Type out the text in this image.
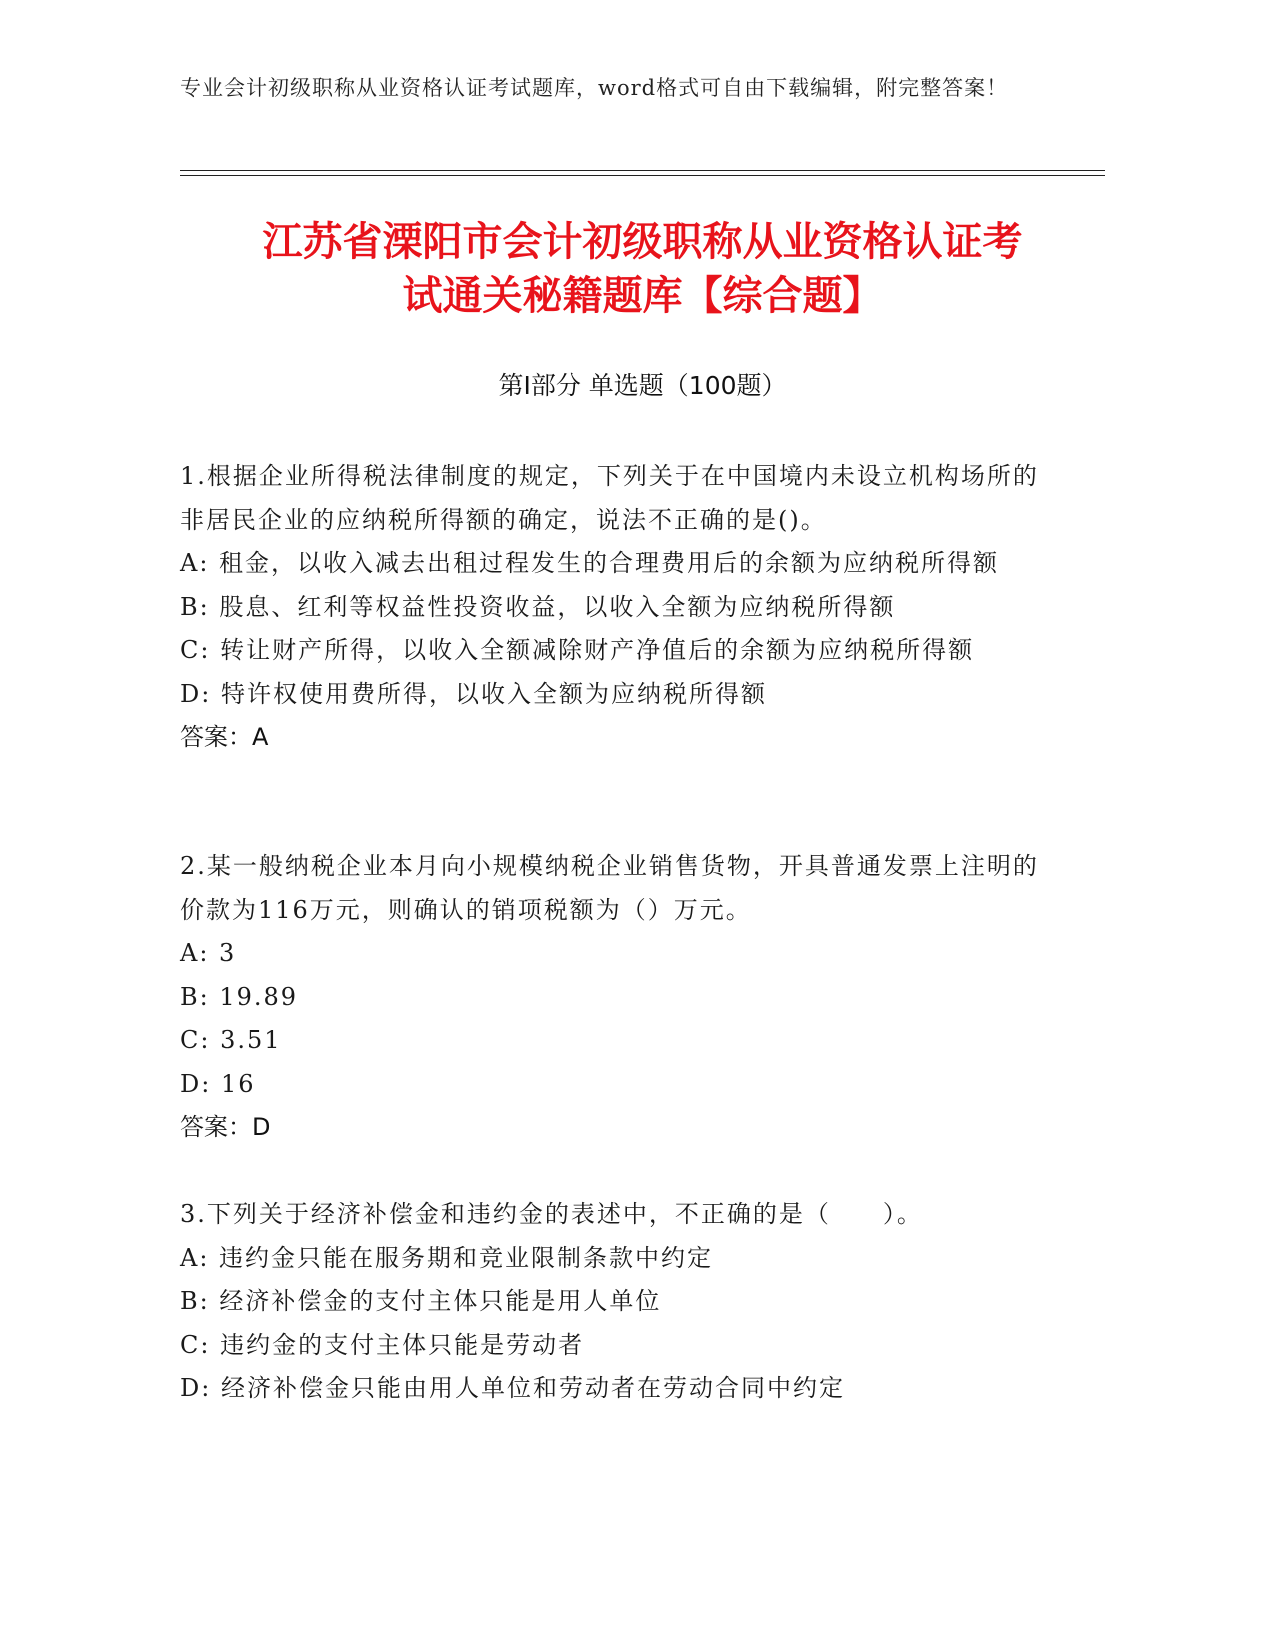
专业会计初级职称从业资格认证考试题库，word格式可自由下载编辑，附完整答案！
江苏省溧阳市会计初级职称从业资格认证考
试通关秘籍题库【综合题】
第Ⅰ部分 单选题（100题）
1.根据企业所得税法律制度的规定，下列关于在中国境内未设立机构场所的非居民企业的应纳税所得额的确定，说法不正确的是()。
A: 租金，以收入减去出租过程发生的合理费用后的余额为应纳税所得额
B: 股息、红利等权益性投资收益，以收入全额为应纳税所得额
C: 转让财产所得，以收入全额减除财产净值后的余额为应纳税所得额
D: 特许权使用费所得，以收入全额为应纳税所得额
答案：A
2.某一般纳税企业本月向小规模纳税企业销售货物，开具普通发票上注明的价款为116万元，则确认的销项税额为（）万元。
A: 3
B: 19.89
C: 3.51
D: 16
答案：D
3.下列关于经济补偿金和违约金的表述中，不正确的是（　　）。
A: 违约金只能在服务期和竞业限制条款中约定
B: 经济补偿金的支付主体只能是用人单位
C: 违约金的支付主体只能是劳动者
D: 经济补偿金只能由用人单位和劳动者在劳动合同中约定
